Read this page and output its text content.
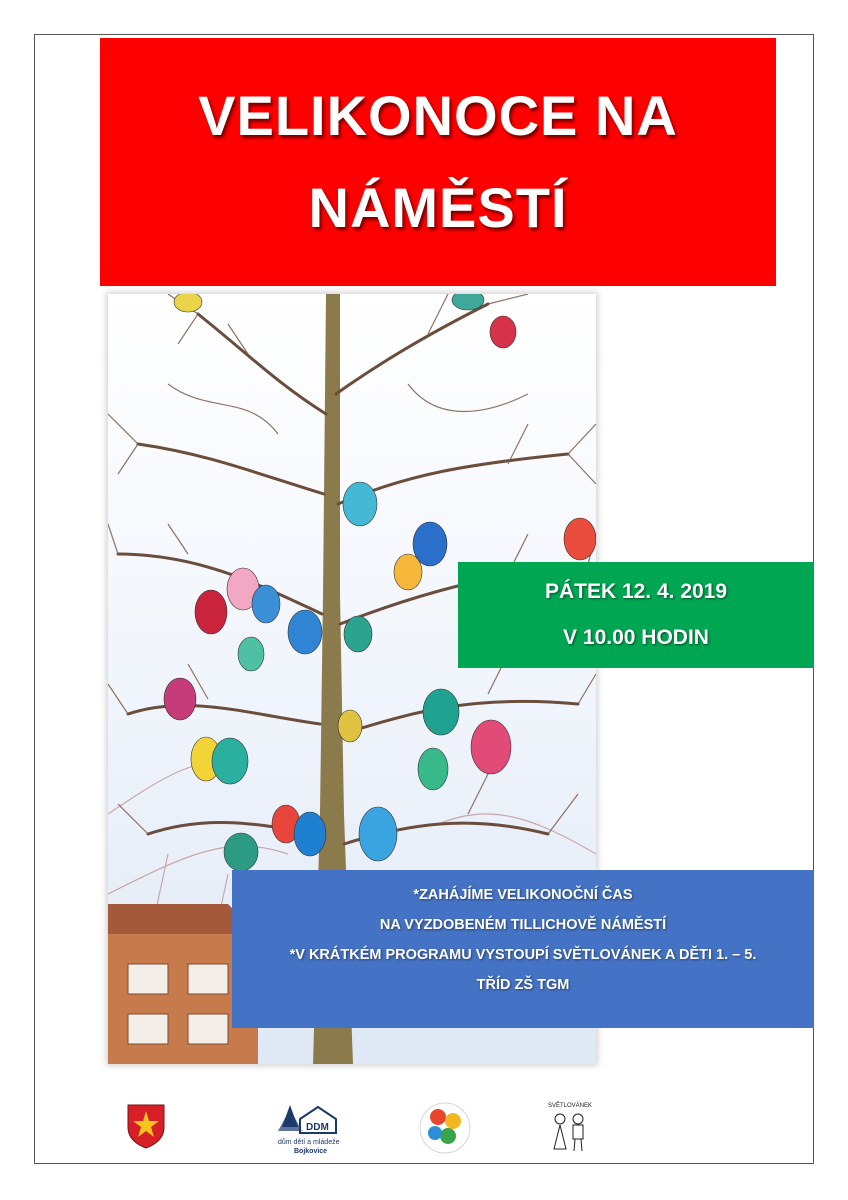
VELIKONOCE NA
NÁMĚSTÍ
PÁTEK 12. 4. 2019
V 10.00 HODIN
*ZAHÁJÍME VELIKONOČNÍ ČAS
NA VYZDOBENÉM TILLICHOVĚ NÁMĚSTÍ
*V KRÁTKÉM PROGRAMU VYSTOUPÍ SVĚTLOVÁNEK A DĚTI 1. – 5.
TŘÍD ZŠ TGM
DDM
dům dětí a mládeže
Bojkovice
SVĚTLOVÁNEK
